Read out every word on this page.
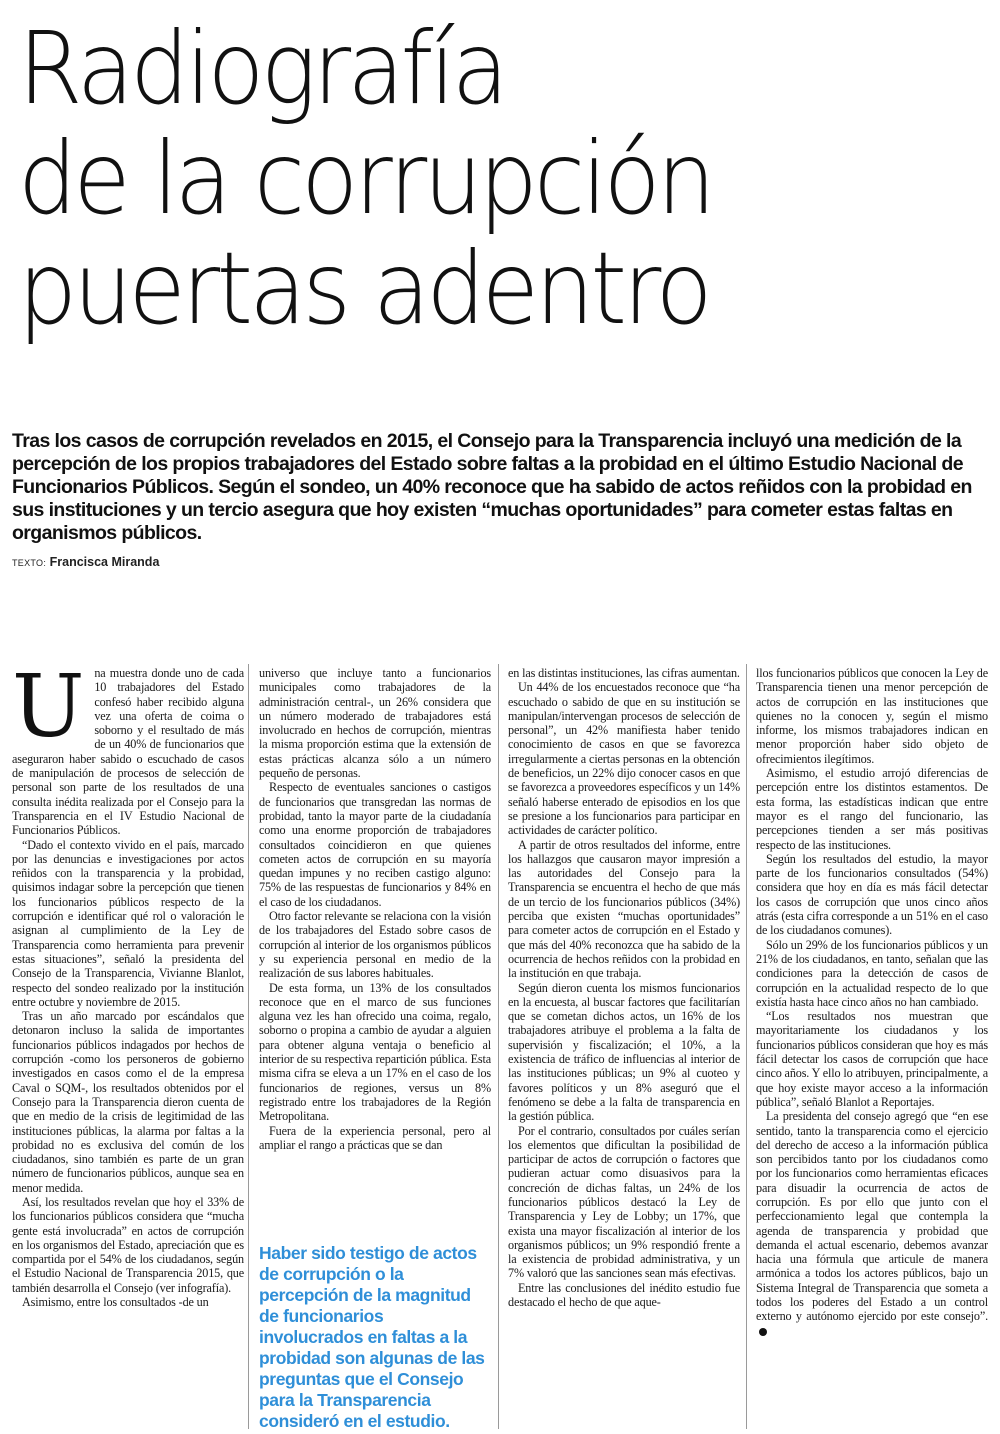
Radiografía
de la corrupción
puertas adentro

Tras los casos de corrupción revelados en 2015, el Consejo para la Transparencia incluyó una medición de la percepción de los propios trabajadores del Estado sobre faltas a la probidad en el último Estudio Nacional de Funcionarios Públicos. Según el sondeo, un 40% reconoce que ha sabido de actos reñidos con la probidad en sus instituciones y un tercio asegura que hoy existen “muchas oportunidades” para cometer estas faltas en organismos públicos.

TEXTO: Francisca Miranda
U na muestra donde uno de cada 10 trabajadores del Estado confesó haber recibido alguna vez una oferta de coima o soborno y el resultado de más de un 40% de funcionarios que aseguraron haber sabido o escuchado de casos de manipulación de procesos de selección de personal son parte de los resultados de una consulta inédita realizada por el Consejo para la Transparencia en el IV Estudio Nacional de Funcionarios Públicos.

“Dado el contexto vivido en el país, marcado por las denuncias e investigaciones por actos reñidos con la transparencia y la probidad, quisimos indagar sobre la percepción que tienen los funcionarios públicos respecto de la corrupción e identificar qué rol o valoración le asignan al cumplimiento de la Ley de Transparencia como herramienta para prevenir estas situaciones”, señaló la presidenta del Consejo de la Transparencia, Vivianne Blanlot, respecto del sondeo realizado por la institución entre octubre y noviembre de 2015.

Tras un año marcado por escándalos que detonaron incluso la salida de importantes funcionarios públicos indagados por hechos de corrupción -como los personeros de gobierno investigados en casos como el de la empresa Caval o SQM-, los resultados obtenidos por el Consejo para la Transparencia dieron cuenta de que en medio de la crisis de legitimidad de las instituciones públicas, la alarma por faltas a la probidad no es exclusiva del común de los ciudadanos, sino también es parte de un gran número de funcionarios públicos, aunque sea en menor medida.

Así, los resultados revelan que hoy el 33% de los funcionarios públicos considera que “mucha gente está involucrada” en actos de corrupción en los organismos del Estado, apreciación que es compartida por el 54% de los ciudadanos, según el Estudio Nacional de Transparencia 2015, que también desarrolla el Consejo (ver infografía).

Asimismo, entre los consultados -de un

universo que incluye tanto a funcionarios municipales como trabajadores de la administración central-, un 26% considera que un número moderado de trabajadores está involucrado en hechos de corrupción, mientras la misma proporción estima que la extensión de estas prácticas alcanza sólo a un número pequeño de personas.

Respecto de eventuales sanciones o castigos de funcionarios que transgredan las normas de probidad, tanto la mayor parte de la ciudadanía como una enorme proporción de trabajadores consultados coincidieron en que quienes cometen actos de corrupción en su mayoría quedan impunes y no reciben castigo alguno: 75% de las respuestas de funcionarios y 84% en el caso de los ciudadanos.

Otro factor relevante se relaciona con la visión de los trabajadores del Estado sobre casos de corrupción al interior de los organismos públicos y su experiencia personal en medio de la realización de sus labores habituales.

De esta forma, un 13% de los consultados reconoce que en el marco de sus funciones alguna vez les han ofrecido una coima, regalo, soborno o propina a cambio de ayudar a alguien para obtener alguna ventaja o beneficio al interior de su respectiva repartición pública. Esta misma cifra se eleva a un 17% en el caso de los funcionarios de regiones, versus un 8% registrado entre los trabajadores de la Región Metropolitana.

Fuera de la experiencia personal, pero al ampliar el rango a prácticas que se dan

Haber sido testigo de actos de corrupción o la percepción de la magnitud de funcionarios involucrados en faltas a la probidad son algunas de las preguntas que el Consejo para la Transparencia consideró en el estudio.

en las distintas instituciones, las cifras aumentan.

Un 44% de los encuestados reconoce que “ha escuchado o sabido de que en su institución se manipulan/intervengan procesos de selección de personal”, un 42% manifiesta haber tenido conocimiento de casos en que se favorezca irregularmente a ciertas personas en la obtención de beneficios, un 22% dijo conocer casos en que se favorezca a proveedores específicos y un 14% señaló haberse enterado de episodios en los que se presione a los funcionarios para participar en actividades de carácter político.

A partir de otros resultados del informe, entre los hallazgos que causaron mayor impresión a las autoridades del Consejo para la Transparencia se encuentra el hecho de que más de un tercio de los funcionarios públicos (34%) perciba que existen “muchas oportunidades” para cometer actos de corrupción en el Estado y que más del 40% reconozca que ha sabido de la ocurrencia de hechos reñidos con la probidad en la institución en que trabaja.

Según dieron cuenta los mismos funcionarios en la encuesta, al buscar factores que facilitarían que se cometan dichos actos, un 16% de los trabajadores atribuye el problema a la falta de supervisión y fiscalización; el 10%, a la existencia de tráfico de influencias al interior de las instituciones públicas; un 9% al cuoteo y favores políticos y un 8% aseguró que el fenómeno se debe a la falta de transparencia en la gestión pública.

Por el contrario, consultados por cuáles serían los elementos que dificultan la posibilidad de participar de actos de corrupción o factores que pudieran actuar como disuasivos para la concreción de dichas faltas, un 24% de los funcionarios públicos destacó la Ley de Transparencia y Ley de Lobby; un 17%, que exista una mayor fiscalización al interior de los organismos públicos; un 9% respondió frente a la existencia de probidad administrativa, y un 7% valoró que las sanciones sean más efectivas.

Entre las conclusiones del inédito estudio fue destacado el hecho de que aque-

llos funcionarios públicos que conocen la Ley de Transparencia tienen una menor percepción de actos de corrupción en las instituciones que quienes no la conocen y, según el mismo informe, los mismos trabajadores indican en menor proporción haber sido objeto de ofrecimientos ilegítimos.

Asimismo, el estudio arrojó diferencias de percepción entre los distintos estamentos. De esta forma, las estadísticas indican que entre mayor es el rango del funcionario, las percepciones tienden a ser más positivas respecto de las instituciones.

Según los resultados del estudio, la mayor parte de los funcionarios consultados (54%) considera que hoy en día es más fácil detectar los casos de corrupción que unos cinco años atrás (esta cifra corresponde a un 51% en el caso de los ciudadanos comunes).

Sólo un 29% de los funcionarios públicos y un 21% de los ciudadanos, en tanto, señalan que las condiciones para la detección de casos de corrupción en la actualidad respecto de lo que existía hasta hace cinco años no han cambiado.

“Los resultados nos muestran que mayoritariamente los ciudadanos y los funcionarios públicos consideran que hoy es más fácil detectar los casos de corrupción que hace cinco años. Y ello lo atribuyen, principalmente, a que hoy existe mayor acceso a la información pública”, señaló Blanlot a Reportajes.

La presidenta del consejo agregó que “en ese sentido, tanto la transparencia como el ejercicio del derecho de acceso a la información pública son percibidos tanto por los ciudadanos como por los funcionarios como herramientas eficaces para disuadir la ocurrencia de actos de corrupción. Es por ello que junto con el perfeccionamiento legal que contempla la agenda de transparencia y probidad que demanda el actual escenario, debemos avanzar hacia una fórmula que articule de manera armónica a todos los actores públicos, bajo un Sistema Integral de Transparencia que someta a todos los poderes del Estado a un control externo y autónomo ejercido por este consejo”.
